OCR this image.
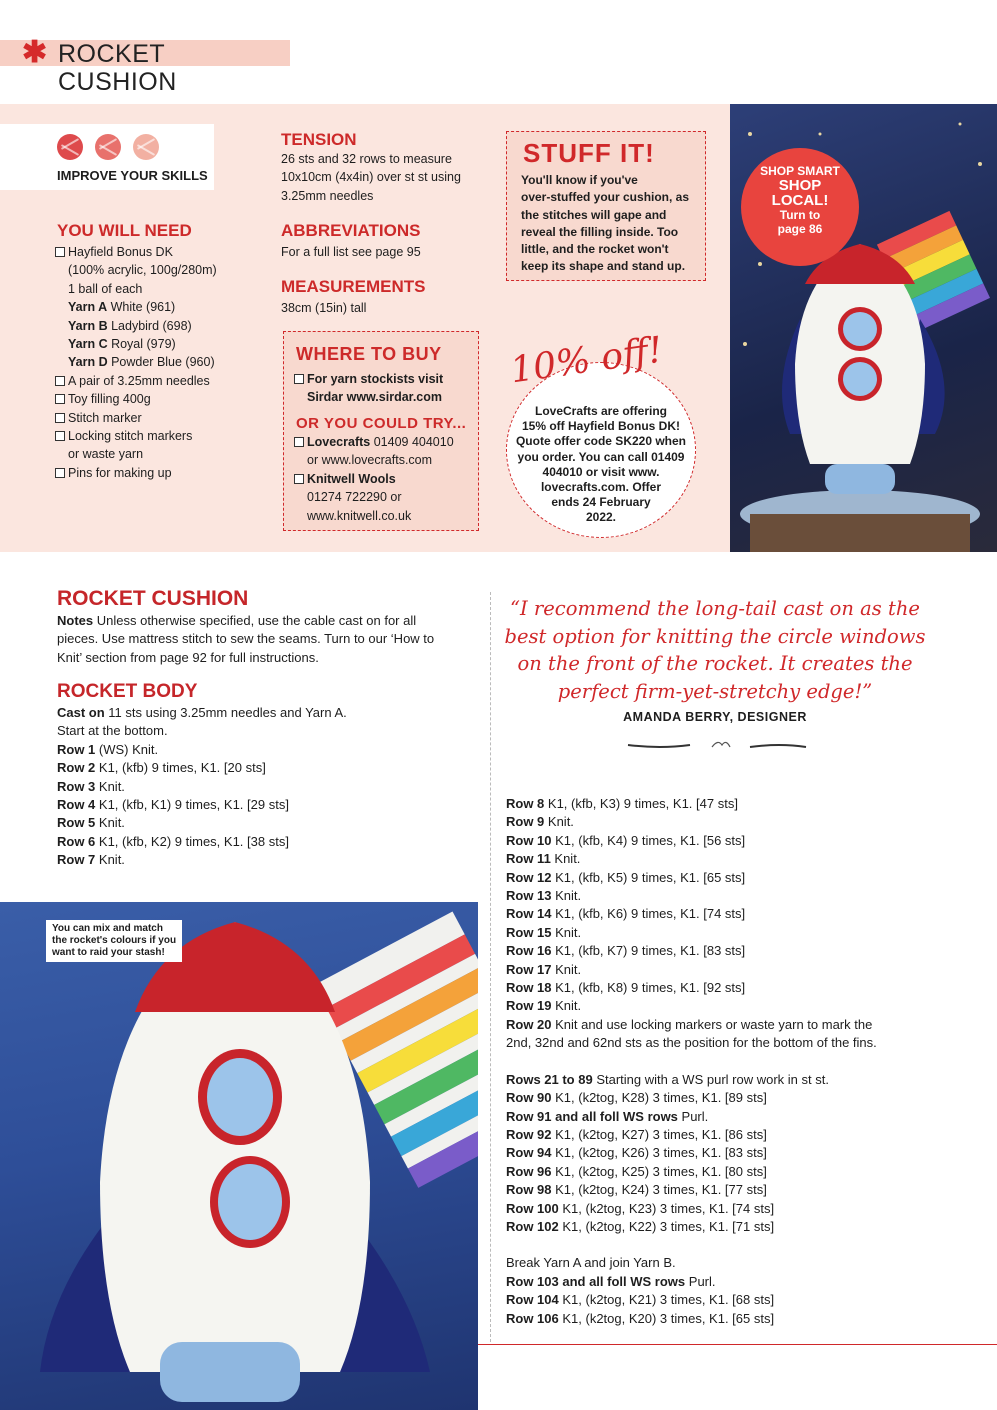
✱ ROCKET CUSHION
IMPROVE YOUR SKILLS
YOU WILL NEED
Hayfield Bonus DK
(100% acrylic, 100g/280m)
1 ball of each
Yarn A White (961)
Yarn B Ladybird (698)
Yarn C Royal (979)
Yarn D Powder Blue (960)
A pair of 3.25mm needles
Toy filling 400g
Stitch marker
Locking stitch markers
or waste yarn
Pins for making up
TENSION
26 sts and 32 rows to measure
10x10cm (4x4in) over st st using
3.25mm needles
ABBREVIATIONS
For a full list see page 95
MEASUREMENTS
38cm (15in) tall
STUFF IT!
You'll know if you've
over-stuffed your cushion, as
the stitches will gape and
reveal the filling inside. Too
little, and the rocket won't
keep its shape and stand up.
WHERE TO BUY
For yarn stockists visit
Sirdar www.sirdar.com
OR YOU COULD TRY...
Lovecrafts 01409 404010
or www.lovecrafts.com
Knitwell Wools
01274 722290 or
www.knitwell.co.uk
10% off!
LoveCrafts are offering
15% off Hayfield Bonus DK!
Quote offer code SK220 when
you order. You can call 01409
404010 or visit www.
lovecrafts.com. Offer
ends 24 February
2022.
SHOP SMART
SHOP
LOCAL!
Turn to
page 86
ROCKET CUSHION
Notes Unless otherwise specified, use the cable cast on for all
pieces. Use mattress stitch to sew the seams. Turn to our ‘How to
Knit’ section from page 92 for full instructions.
ROCKET BODY
Cast on 11 sts using 3.25mm needles and Yarn A.
Start at the bottom.
Row 1 (WS) Knit.
Row 2 K1, (kfb) 9 times, K1. [20 sts]
Row 3 Knit.
Row 4 K1, (kfb, K1) 9 times, K1. [29 sts]
Row 5 Knit.
Row 6 K1, (kfb, K2) 9 times, K1. [38 sts]
Row 7 Knit.
“I recommend the long-tail cast on as the best option for knitting the circle windows on the front of the rocket. It creates the perfect firm-yet-stretchy edge!”
AMANDA BERRY, DESIGNER
Row 8 K1, (kfb, K3) 9 times, K1. [47 sts]
Row 9 Knit.
Row 10 K1, (kfb, K4) 9 times, K1. [56 sts]
Row 11 Knit.
Row 12 K1, (kfb, K5) 9 times, K1. [65 sts]
Row 13 Knit.
Row 14 K1, (kfb, K6) 9 times, K1. [74 sts]
Row 15 Knit.
Row 16 K1, (kfb, K7) 9 times, K1. [83 sts]
Row 17 Knit.
Row 18 K1, (kfb, K8) 9 times, K1. [92 sts]
Row 19 Knit.
Row 20 Knit and use locking markers or waste yarn to mark the
2nd, 32nd and 62nd sts as the position for the bottom of the fins.
Rows 21 to 89 Starting with a WS purl row work in st st.
Row 90 K1, (k2tog, K28) 3 times, K1. [89 sts]
Row 91 and all foll WS rows Purl.
Row 92 K1, (k2tog, K27) 3 times, K1. [86 sts]
Row 94 K1, (k2tog, K26) 3 times, K1. [83 sts]
Row 96 K1, (k2tog, K25) 3 times, K1. [80 sts]
Row 98 K1, (k2tog, K24) 3 times, K1. [77 sts]
Row 100 K1, (k2tog, K23) 3 times, K1. [74 sts]
Row 102 K1, (k2tog, K22) 3 times, K1. [71 sts]
Break Yarn A and join Yarn B.
Row 103 and all foll WS rows Purl.
Row 104 K1, (k2tog, K21) 3 times, K1. [68 sts]
Row 106 K1, (k2tog, K20) 3 times, K1. [65 sts]
You can mix and match
the rocket's colours if you
want to raid your stash!
